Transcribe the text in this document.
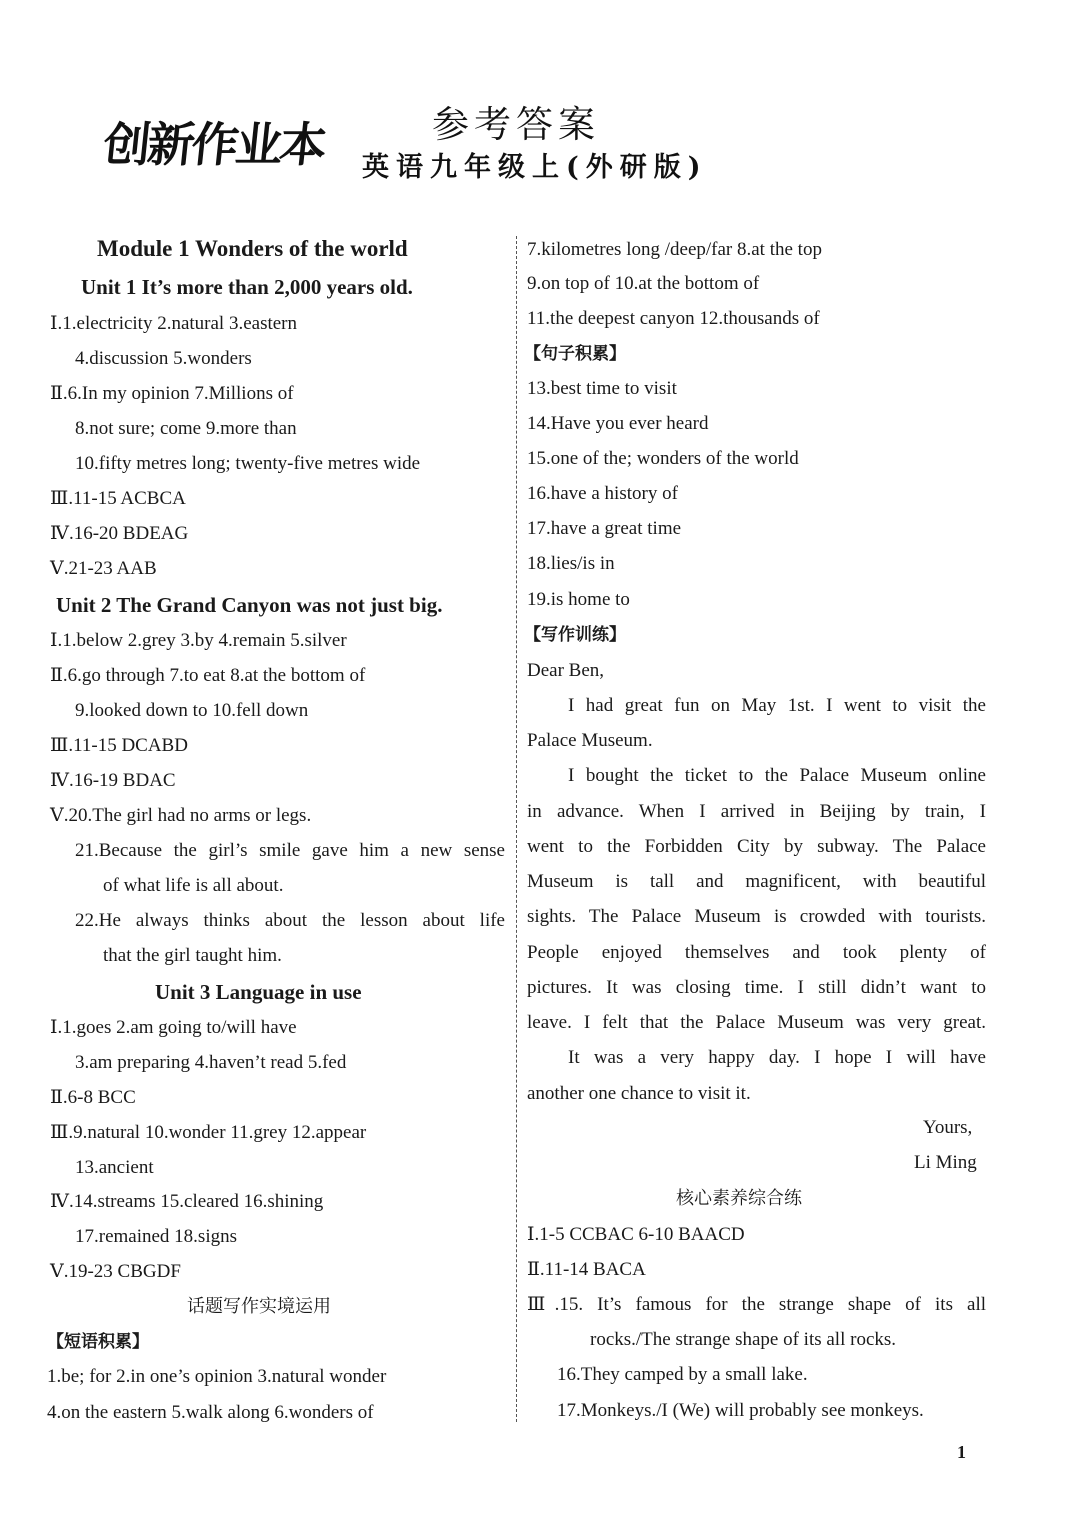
创新作业本	参考答案
英语九年级上(外研版)
Module 1 Wonders of the world
Unit 1 It’s more than 2,000 years old.
Ⅰ.1.electricity 2.natural 3.eastern
4.discussion 5.wonders
Ⅱ.6.In my opinion 7.Millions of
8.not sure; come 9.more than
10.fifty metres long; twenty-five metres wide
Ⅲ.11-15 ACBCA
Ⅳ.16-20 BDEAG
Ⅴ.21-23 AAB
Unit 2 The Grand Canyon was not just big.
Ⅰ.1.below 2.grey 3.by 4.remain 5.silver
Ⅱ.6.go through 7.to eat 8.at the bottom of
9.looked down to 10.fell down
Ⅲ.11-15 DCABD
Ⅳ.16-19 BDAC
Ⅴ.20.The girl had no arms or legs.
21.Because the girl’s smile gave him a new sense
of what life is all about.
22.He always thinks about the lesson about life
that the girl taught him.
Unit 3 Language in use
Ⅰ.1.goes 2.am going to/will have
3.am preparing 4.haven’t read 5.fed
Ⅱ.6-8 BCC
Ⅲ.9.natural 10.wonder 11.grey 12.appear
13.ancient
Ⅳ.14.streams 15.cleared 16.shining
17.remained 18.signs
Ⅴ.19-23 CBGDF
话题写作实境运用
【短语积累】
1.be; for 2.in one’s opinion 3.natural wonder
4.on the eastern 5.walk along 6.wonders of
7.kilometres long /deep/far 8.at the top
9.on top of 10.at the bottom of
11.the deepest canyon 12.thousands of
【句子积累】
13.best time to visit
14.Have you ever heard
15.one of the; wonders of the world
16.have a history of
17.have a great time
18.lies/is in
19.is home to
【写作训练】
Dear Ben,
I had great fun on May 1st. I went to visit the
Palace Museum.
I bought the ticket to the Palace Museum online
in advance. When I arrived in Beijing by train, I
went to the Forbidden City by subway. The Palace
Museum is tall and magnificent, with beautiful
sights. The Palace Museum is crowded with tourists.
People enjoyed themselves and took plenty of
pictures. It was closing time. I still didn’t want to
leave. I felt that the Palace Museum was very great.
It was a very happy day. I hope I will have
another one chance to visit it.
Yours,
Li Ming
核心素养综合练
Ⅰ.1-5 CCBAC 6-10 BAACD
Ⅱ.11-14 BACA
Ⅲ.15. It’s famous for the strange shape of its all
rocks./The strange shape of its all rocks.
16.They camped by a small lake.
17.Monkeys./I (We) will probably see monkeys.
1
